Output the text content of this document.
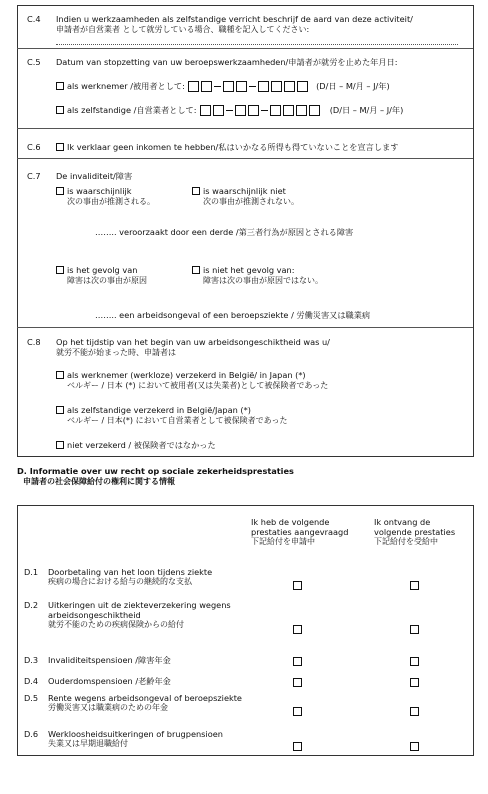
C.4 Indien u werkzaamheden als zelfstandige verricht beschrijf de aard van deze activiteit/
申請者が自営業者 として就労している場合、職種を記入してください:
C.5 Datum van stopzetting van uw beroepswerkzaamheden/申請者が就労を止めた年月日:
als werknemer /被用者として:	(D/日 – M/月 – J/年)
als zelfstandige /自営業者として:	(D/日 – M/月 – J/年)
C.6	Ik verklaar geen inkomen te hebben/私はいかなる所得も得ていないことを宣言します
C.7 De invaliditeit/障害
is waarschijnlijk
次の事由が推測される。
is waarschijnlijk niet
次の事由が推測されない。
…….. veroorzaakt door een derde /第三者行為が原因とされる障害
is het gevolg van
障害は次の事由が原因
is niet het gevolg van:
障害は次の事由が原因ではない。
…….. een arbeidsongeval of een beroepsziekte / 労働災害又は職業病
C.8 Op het tijdstip van het begin van uw arbeidsongeschiktheid was u/
就労不能が始まった時、申請者は
als werknemer (werkloze) verzekerd in België/ in Japan (*)
ベルギー / 日本 (*) において被用者(又は失業者)として被保険者であった
als zelfstandige verzekerd in België/Japan (*)
ベルギー / 日本(*) において自営業者として被保険者であった
niet verzekerd / 被保険者ではなかった
D. Informatie over uw recht op sociale zekerheidsprestaties
申請者の社会保障給付の権利に関する情報
Ik heb de volgende
prestaties aangevraagd
下記給付を申請中
Ik ontvang de
volgende prestaties
下記給付を受給中
D.1 Doorbetaling van het loon tijdens ziekte
疾病の場合における給与の継続的な支払
D.2 Uitkeringen uit de ziekteverzekering wegens
arbeidsongeschiktheid
就労不能のための疾病保険からの給付
D.3 Invaliditeitspensioen /障害年金
D.4 Ouderdomspensioen /老齢年金
D.5 Rente wegens arbeidsongeval of beroepsziekte
労働災害又は職業病のための年金
D.6 Werkloosheidsuitkeringen of brugpensioen
失業又は早期退職給付
